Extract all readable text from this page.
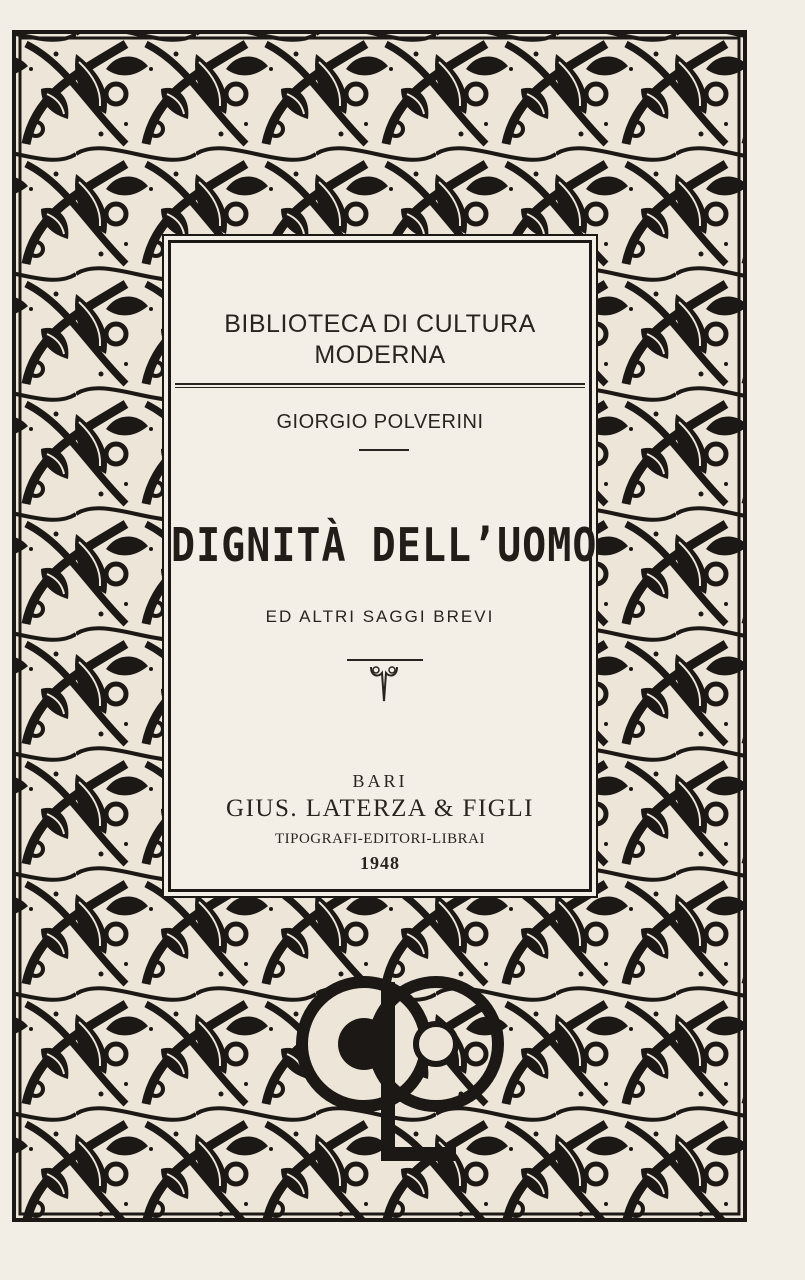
BIBLIOTECA DI CULTURA
MODERNA
GIORGIO POLVERINI
DIGNITÀ DELL’UOMO
ED ALTRI SAGGI BREVI
BARI
GIUS. LATERZA & FIGLI
TIPOGRAFI-EDITORI-LIBRAI
1948
